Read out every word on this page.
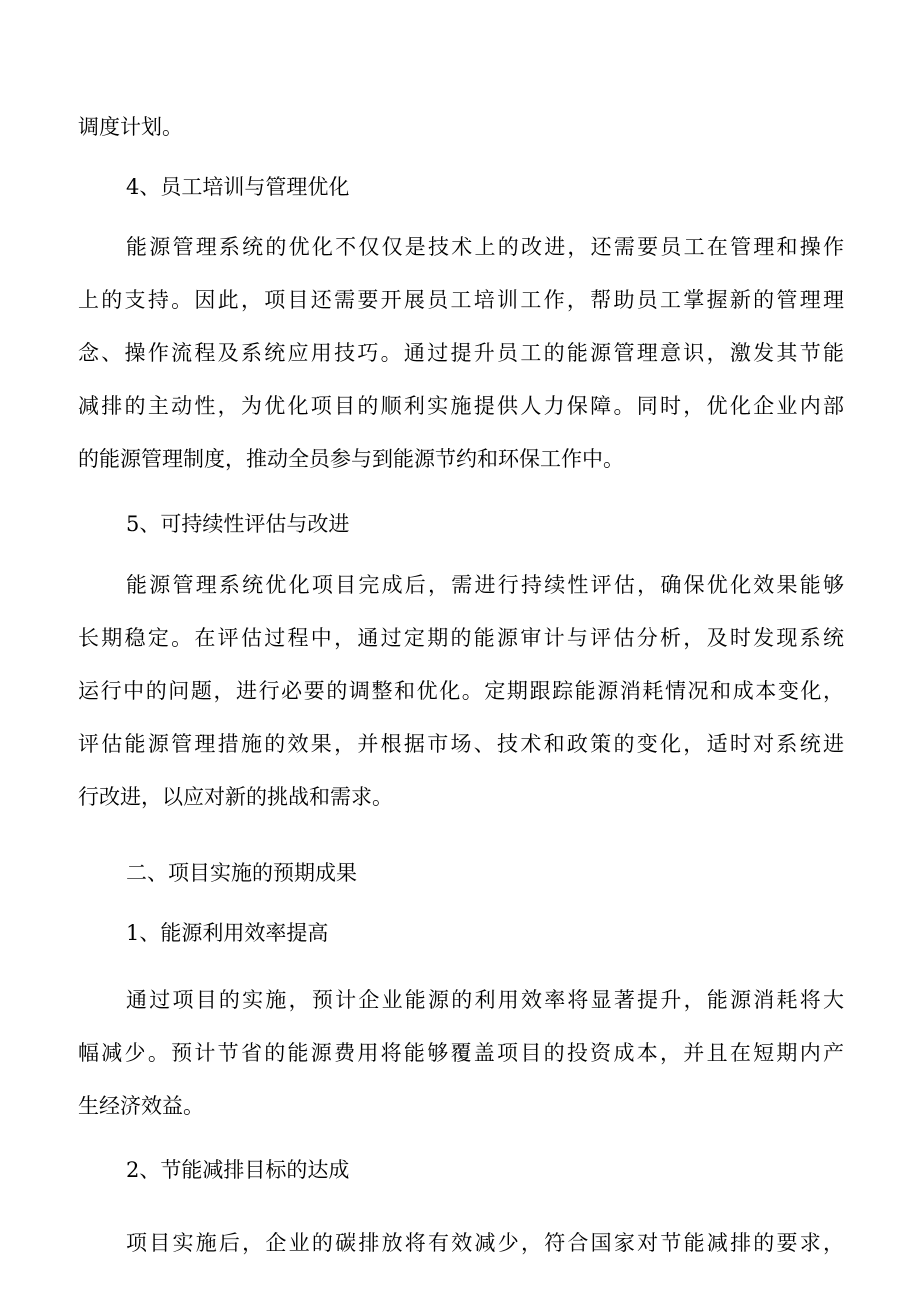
调度计划。

4、员工培训与管理优化

能源管理系统的优化不仅仅是技术上的改进，还需要员工在管理和操作

上的支持。因此，项目还需要开展员工培训工作，帮助员工掌握新的管理理

念、操作流程及系统应用技巧。通过提升员工的能源管理意识，激发其节能

减排的主动性，为优化项目的顺利实施提供人力保障。同时，优化企业内部

的能源管理制度，推动全员参与到能源节约和环保工作中。

5、可持续性评估与改进

能源管理系统优化项目完成后，需进行持续性评估，确保优化效果能够

长期稳定。在评估过程中，通过定期的能源审计与评估分析，及时发现系统

运行中的问题，进行必要的调整和优化。定期跟踪能源消耗情况和成本变化，

评估能源管理措施的效果，并根据市场、技术和政策的变化，适时对系统进

行改进，以应对新的挑战和需求。

二、项目实施的预期成果

1、能源利用效率提高

通过项目的实施，预计企业能源的利用效率将显著提升，能源消耗将大

幅减少。预计节省的能源费用将能够覆盖项目的投资成本，并且在短期内产

生经济效益。

2、节能减排目标的达成

项目实施后，企业的碳排放将有效减少，符合国家对节能减排的要求，
